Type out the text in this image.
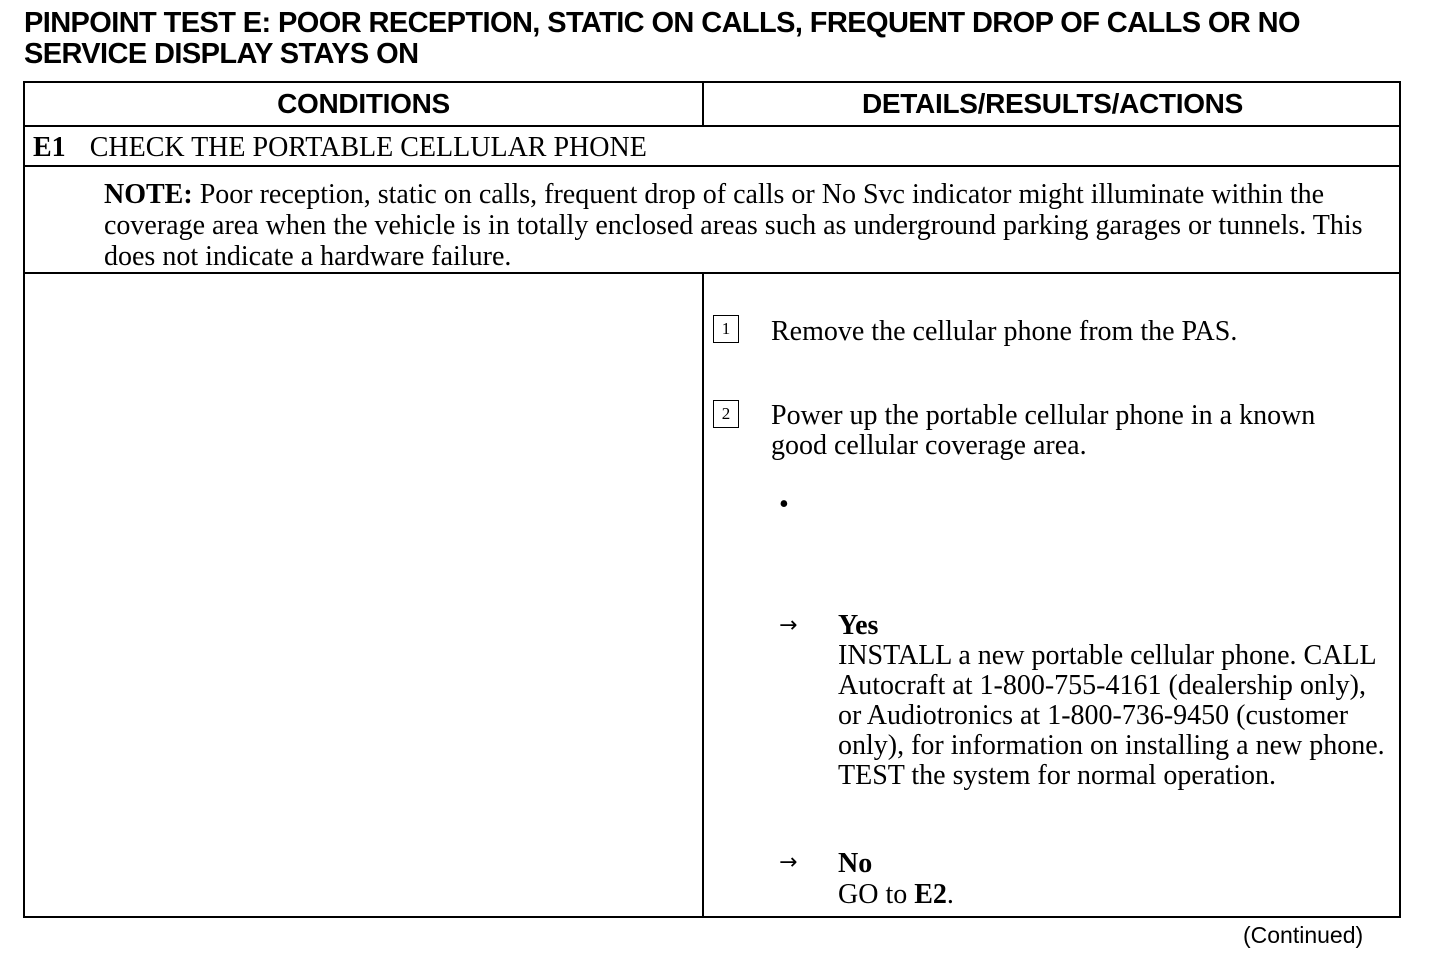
PINPOINT TEST E: POOR RECEPTION, STATIC ON CALLS, FREQUENT DROP OF CALLS OR NO
SERVICE DISPLAY STAYS ON
CONDITIONS	DETAILS/RESULTS/ACTIONS
E1 CHECK THE PORTABLE CELLULAR PHONE
NOTE: Poor reception, static on calls, frequent drop of calls or No Svc indicator might illuminate within the coverage area when the vehicle is in totally enclosed areas such as underground parking garages or tunnels. This does not indicate a hardware failure.
1	Remove the cellular phone from the PAS.
2	Power up the portable cellular phone in a known good cellular coverage area.
•
→ Yes
INSTALL a new portable cellular phone. CALL Autocraft at 1-800-755-4161 (dealership only), or Audiotronics at 1-800-736-9450 (customer only), for information on installing a new phone. TEST the system for normal operation.
→ No
GO to E2.
(Continued)
